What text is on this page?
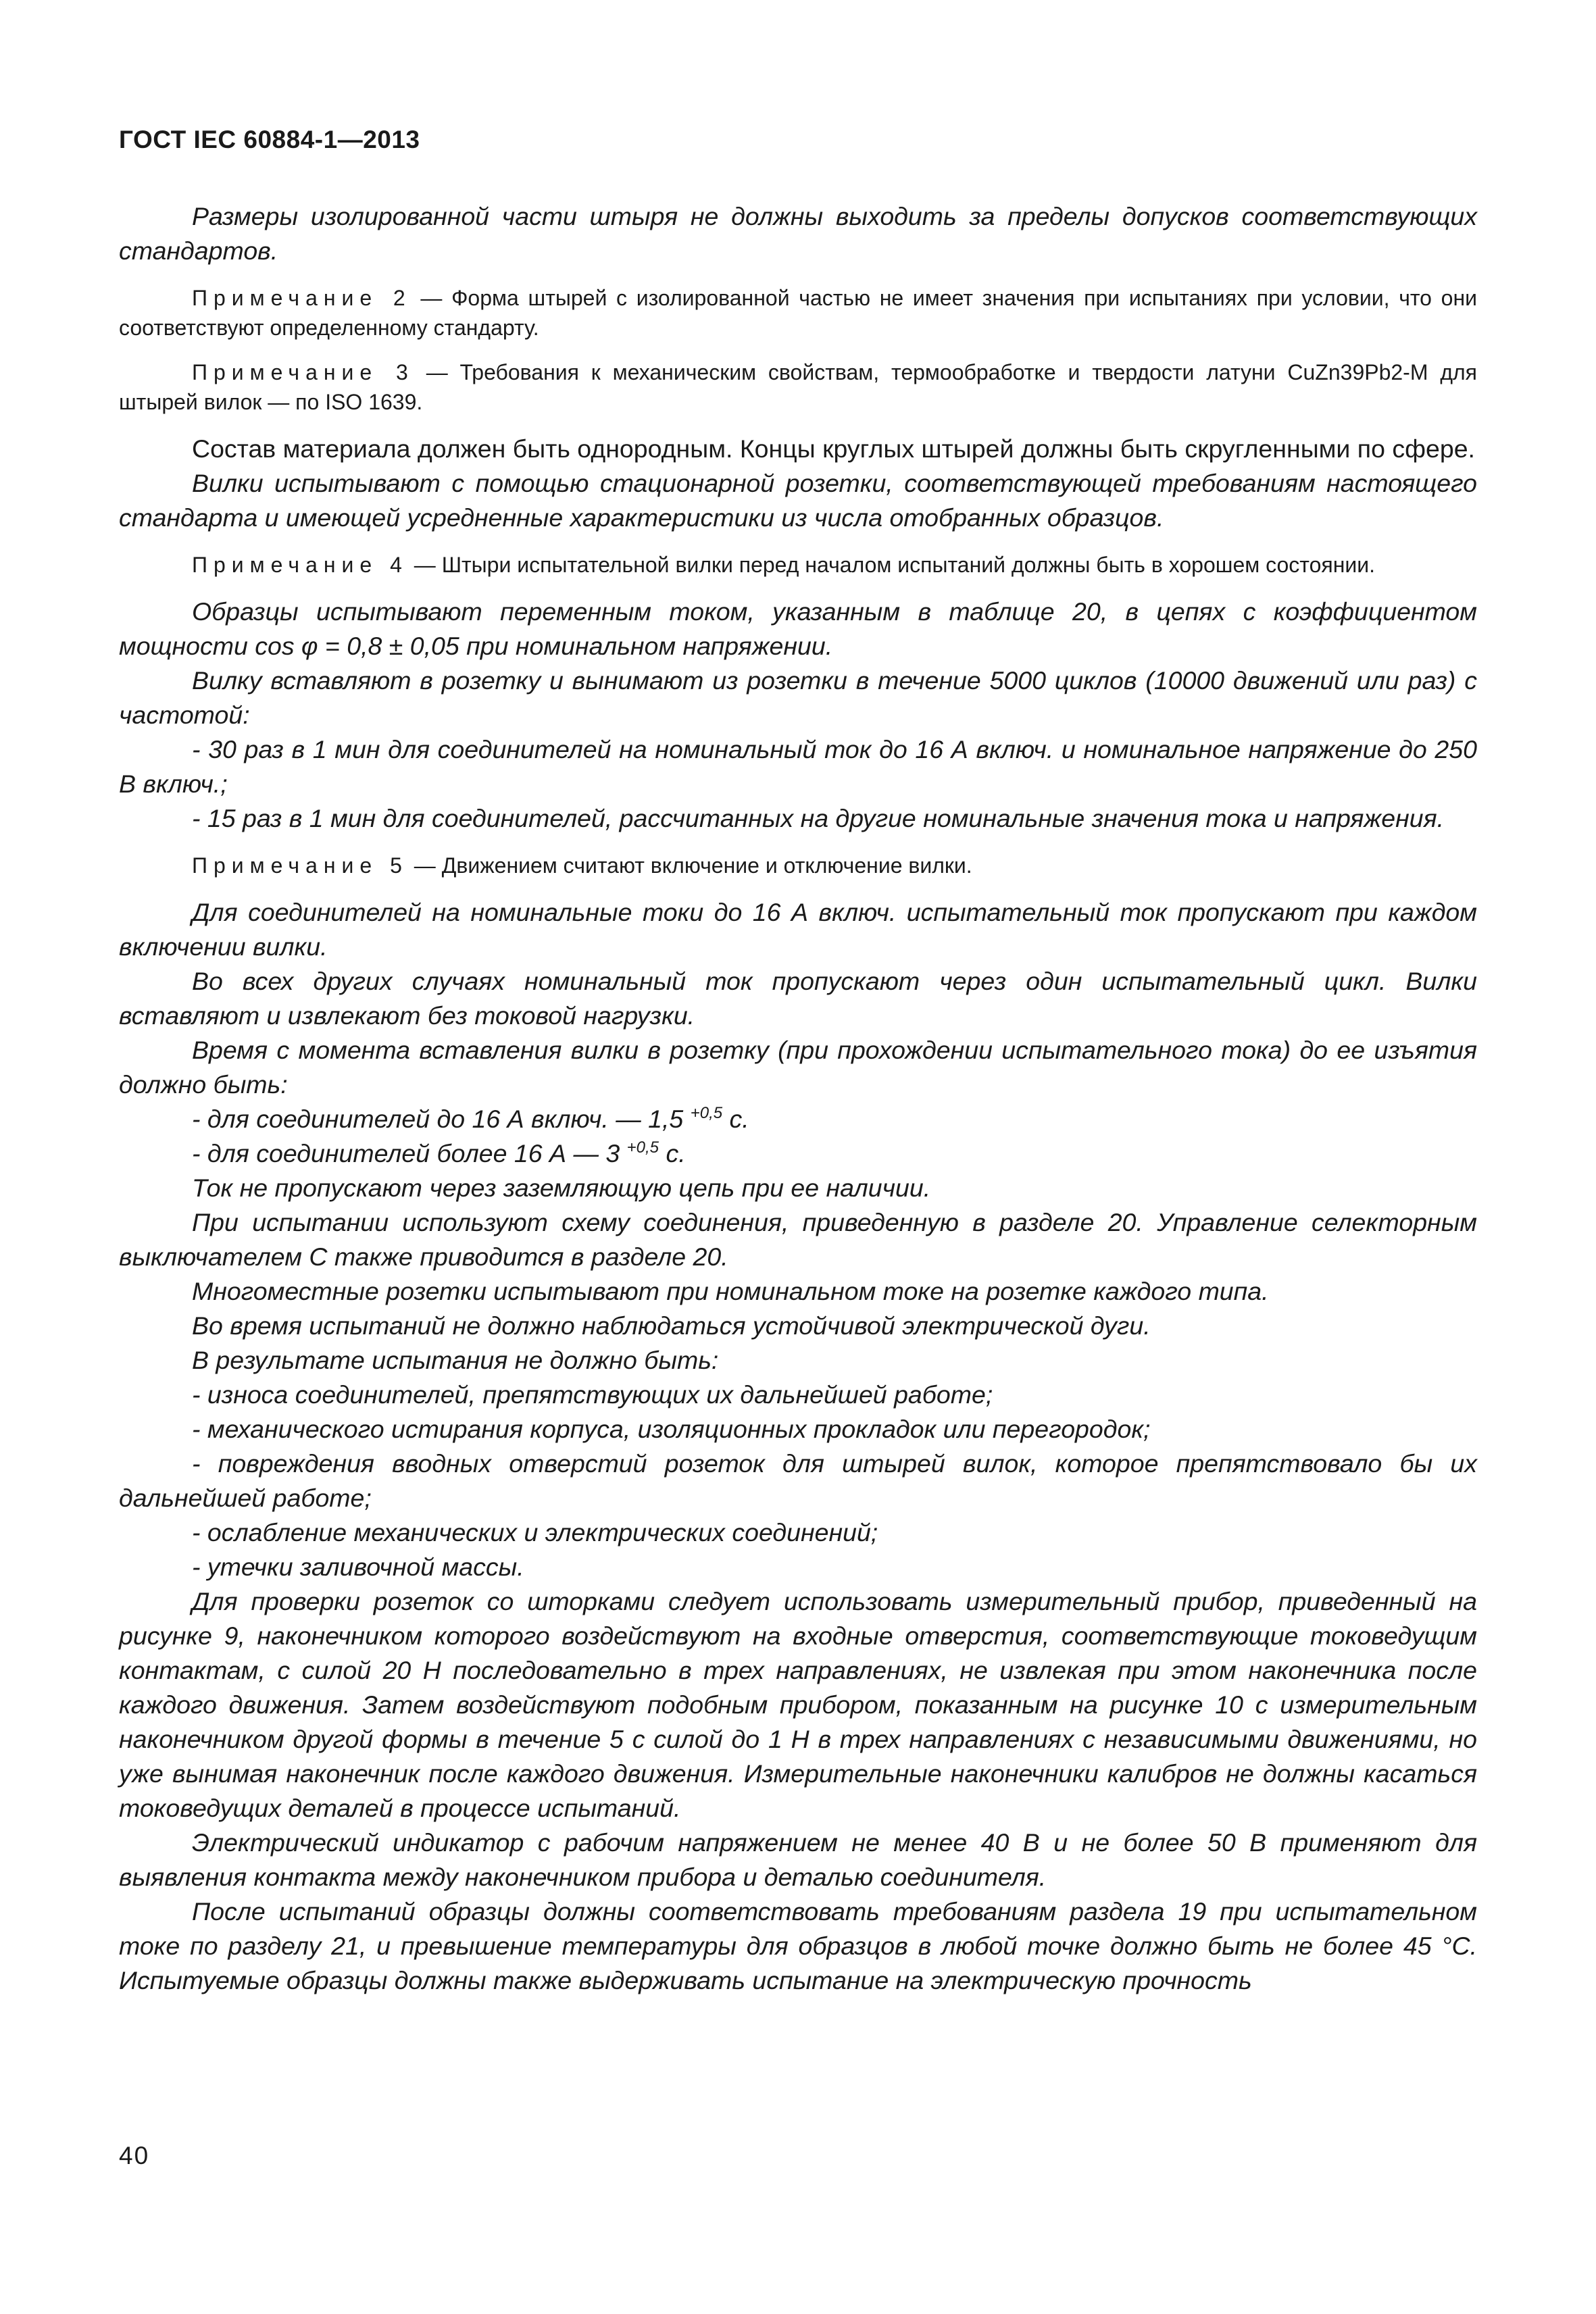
ГОСТ IEC 60884-1—2013

Размеры изолированной части штыря не должны выходить за пределы допусков соответствующих стандартов.

Примечание 2 — Форма штырей с изолированной частью не имеет значения при испытаниях при условии, что они соответствуют определенному стандарту.

Примечание 3 — Требования к механическим свойствам, термообработке и твердости латуни CuZn39Pb2-M для штырей вилок — по ISO 1639.

Состав материала должен быть однородным. Концы круглых штырей должны быть скругленными по сфере.

Вилки испытывают с помощью стационарной розетки, соответствующей требованиям настоящего стандарта и имеющей усредненные характеристики из числа отобранных образцов.

Примечание 4 — Штыри испытательной вилки перед началом испытаний должны быть в хорошем состоянии.

Образцы испытывают переменным током, указанным в таблице 20, в цепях с коэффициентом мощности cos φ = 0,8 ± 0,05 при номинальном напряжении.

Вилку вставляют в розетку и вынимают из розетки в течение 5000 циклов (10000 движений или раз) с частотой:

- 30 раз в 1 мин для соединителей на номинальный ток до 16 А включ. и номинальное напряжение до 250 В включ.;

- 15 раз в 1 мин для соединителей, рассчитанных на другие номинальные значения тока и напряжения.

Примечание 5 — Движением считают включение и отключение вилки.

Для соединителей на номинальные токи до 16 А включ. испытательный ток пропускают при каждом включении вилки.

Во всех других случаях номинальный ток пропускают через один испытательный цикл. Вилки вставляют и извлекают без токовой нагрузки.

Время с момента вставления вилки в розетку (при прохождении испытательного тока) до ее изъятия должно быть:

- для соединителей до 16 А включ. — 1,5 $^{+0,5}$ с.

- для соединителей более 16 А — 3 $^{+0,5}$ с.

Ток не пропускают через заземляющую цепь при ее наличии.

При испытании используют схему соединения, приведенную в разделе 20. Управление селекторным выключателем С также приводится в разделе 20.

Многоместные розетки испытывают при номинальном токе на розетке каждого типа.

Во время испытаний не должно наблюдаться устойчивой электрической дуги.

В результате испытания не должно быть:

- износа соединителей, препятствующих их дальнейшей работе;

- механического истирания корпуса, изоляционных прокладок или перегородок;

- повреждения вводных отверстий розеток для штырей вилок, которое препятствовало бы их дальнейшей работе;

- ослабление механических и электрических соединений;

- утечки заливочной массы.

Для проверки розеток со шторками следует использовать измерительный прибор, приведенный на рисунке 9, наконечником которого воздействуют на входные отверстия, соответствующие токоведущим контактам, с силой 20 Н последовательно в трех направлениях, не извлекая при этом наконечника после каждого движения. Затем воздействуют подобным прибором, показанным на рисунке 10 с измерительным наконечником другой формы в течение 5 с силой до 1 Н в трех направлениях с независимыми движениями, но уже вынимая наконечник после каждого движения. Измерительные наконечники калибров не должны касаться токоведущих деталей в процессе испытаний.

Электрический индикатор с рабочим напряжением не менее 40 В и не более 50 В применяют для выявления контакта между наконечником прибора и деталью соединителя.

После испытаний образцы должны соответствовать требованиям раздела 19 при испытательном токе по разделу 21, и превышение температуры для образцов в любой точке должно быть не более 45 °С. Испытуемые образцы должны также выдерживать испытание на электрическую прочность

40
